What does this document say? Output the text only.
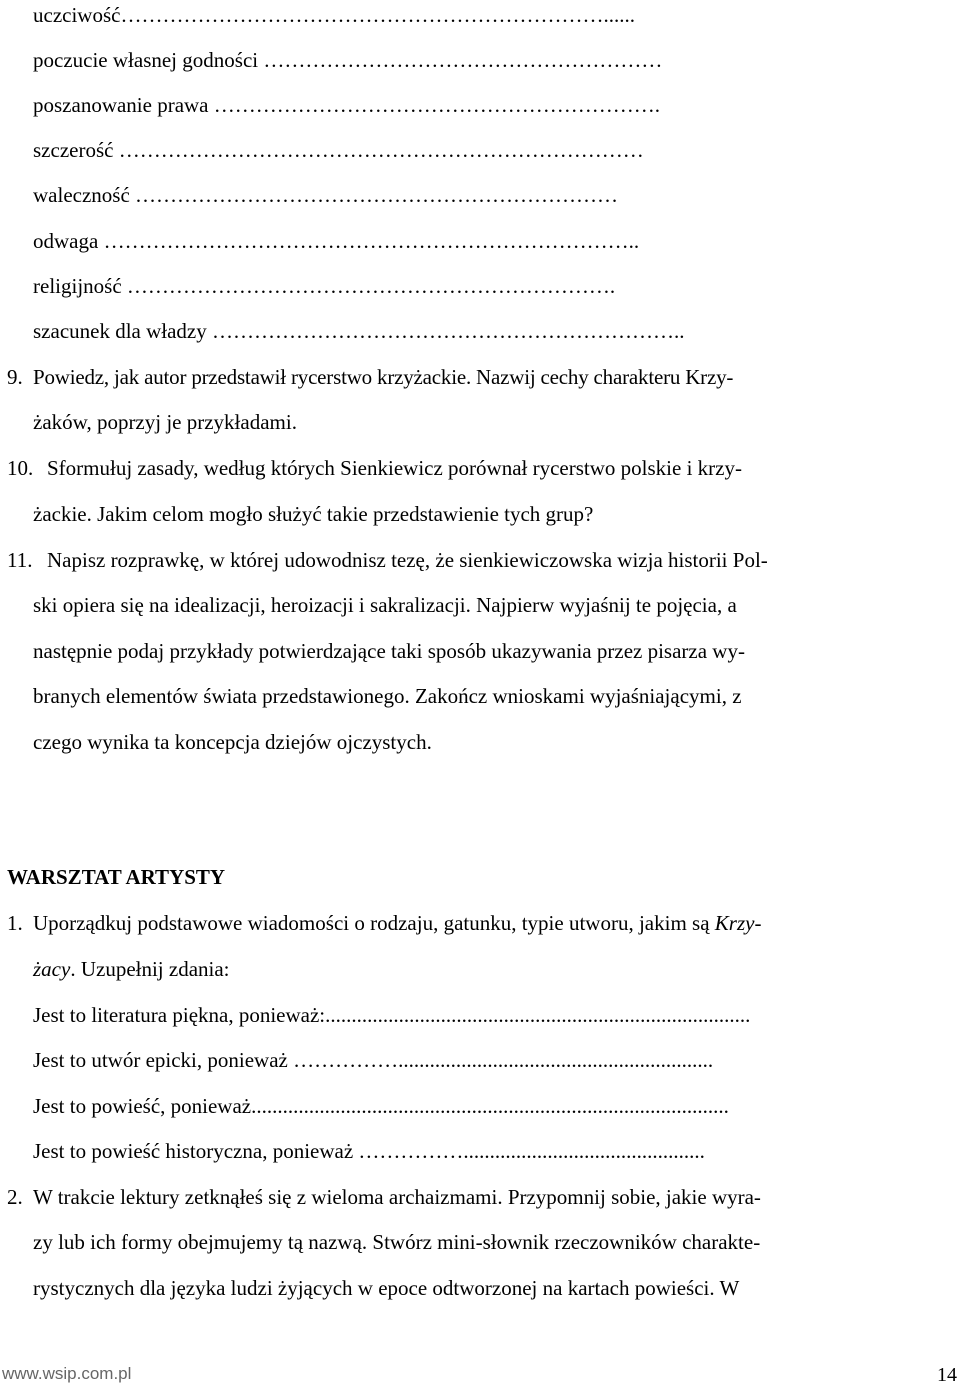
uczciwość……………………………………………………………......
poczucie własnej godności …………………………………………………
poszanowanie prawa ……………………………………………………….
szczerość …………………………………………………………………
waleczność ……………………………………………………………
odwaga …………………………………………………………………..
religijność …………………………………………………………….
szacunek dla władzy …………………………………………………………..
9. Powiedz, jak autor przedstawił rycerstwo krzyżackie. Nazwij cechy charakteru Krzy-
żaków, poprzyj je przykładami.
10. Sformułuj zasady, według których Sienkiewicz porównał rycerstwo polskie i krzy-
żackie. Jakim celom mogło służyć takie przedstawienie tych grup?
11. Napisz rozprawkę, w której udowodnisz tezę, że sienkiewiczowska wizja historii Pol-
ski opiera się na idealizacji, heroizacji i sakralizacji. Najpierw wyjaśnij te pojęcia, a
następnie podaj przykłady potwierdzające taki sposób ukazywania przez pisarza wy-
branych elementów świata przedstawionego. Zakończ wnioskami wyjaśniającymi, z
czego wynika ta koncepcja dziejów ojczystych.
WARSZTAT ARTYSTY
1. Uporządkuj podstawowe wiadomości o rodzaju, gatunku, typie utworu, jakim są Krzy-
żacy. Uzupełnij zdania:
Jest to literatura piękna, ponieważ:.................................................................................
Jest to utwór epicki, ponieważ ……………............................................................
Jest to powieść, ponieważ...........................................................................................
Jest to powieść historyczna, ponieważ ……………..............................................
2. W trakcie lektury zetknąłeś się z wieloma archaizmami. Przypomnij sobie, jakie wyra-
zy lub ich formy obejmujemy tą nazwą. Stwórz mini-słownik rzeczowników charakte-
rystycznych dla języka ludzi żyjących w epoce odtworzonej na kartach powieści. W
www.wsip.com.pl	14
